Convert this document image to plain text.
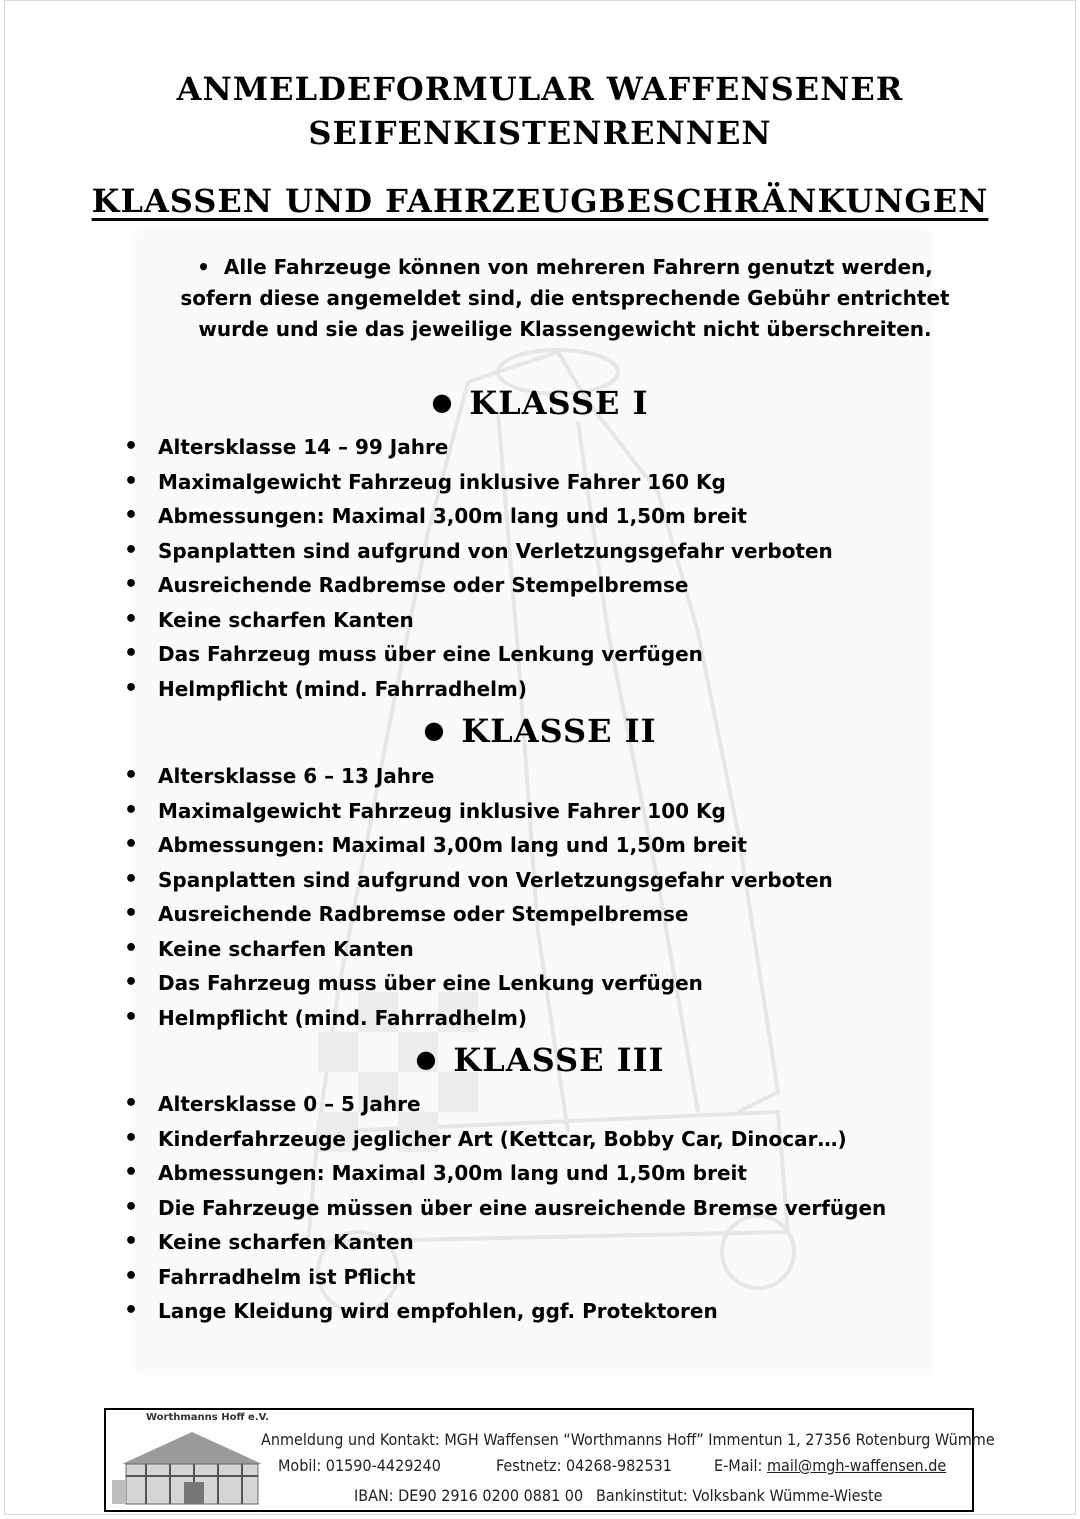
ANMELDEFORMULAR WAFFENSENER
SEIFENKISTENRENNEN
KLASSEN UND FAHRZEUGBESCHRÄNKUNGEN
• Alle Fahrzeuge können von mehreren Fahrern genutzt werden,
sofern diese angemeldet sind, die entsprechende Gebühr entrichtet
wurde und sie das jeweilige Klassengewicht nicht überschreiten.
● KLASSE I
• Altersklasse 14 – 99 Jahre
• Maximalgewicht Fahrzeug inklusive Fahrer 160 Kg
• Abmessungen: Maximal 3,00m lang und 1,50m breit
• Spanplatten sind aufgrund von Verletzungsgefahr verboten
• Ausreichende Radbremse oder Stempelbremse
• Keine scharfen Kanten
• Das Fahrzeug muss über eine Lenkung verfügen
• Helmpflicht (mind. Fahrradhelm)
● KLASSE II
• Altersklasse 6 – 13 Jahre
• Maximalgewicht Fahrzeug inklusive Fahrer 100 Kg
• Abmessungen: Maximal 3,00m lang und 1,50m breit
• Spanplatten sind aufgrund von Verletzungsgefahr verboten
• Ausreichende Radbremse oder Stempelbremse
• Keine scharfen Kanten
• Das Fahrzeug muss über eine Lenkung verfügen
• Helmpflicht (mind. Fahrradhelm)
● KLASSE III
• Altersklasse 0 – 5 Jahre
• Kinderfahrzeuge jeglicher Art (Kettcar, Bobby Car, Dinocar…)
• Abmessungen: Maximal 3,00m lang und 1,50m breit
• Die Fahrzeuge müssen über eine ausreichende Bremse verfügen
• Keine scharfen Kanten
• Fahrradhelm ist Pflicht
• Lange Kleidung wird empfohlen, ggf. Protektoren
Worthmanns Hoff e.V.
Anmeldung und Kontakt: MGH Waffensen “Worthmanns Hoff” Immentun 1, 27356 Rotenburg Wümme
Mobil: 01590-4429240	Festnetz: 04268-982531	E-Mail: mail@mgh-waffensen.de
IBAN: DE90 2916 0200 0881 00 Bankinstitut: Volksbank Wümme-Wieste
